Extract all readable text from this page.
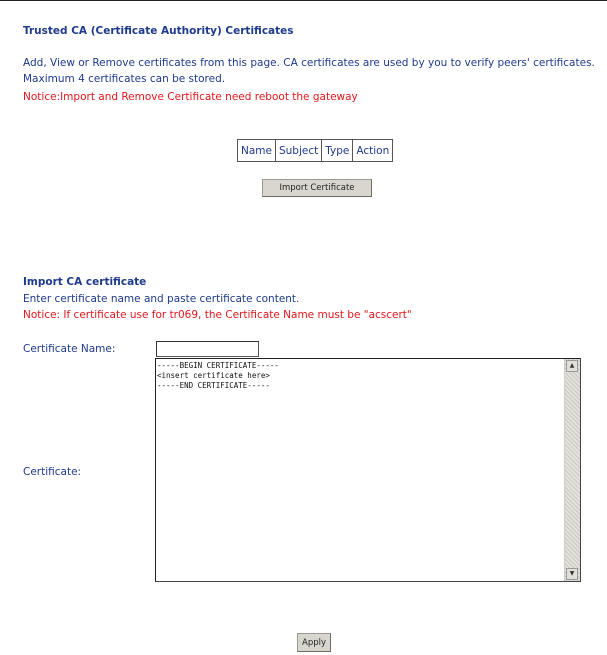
Trusted CA (Certificate Authority) Certificates
Add, View or Remove certificates from this page. CA certificates are used by you to verify peers' certificates.
Maximum 4 certificates can be stored.
Notice:Import and Remove Certificate need reboot the gateway
Name	Subject	Type	Action
Import Certificate
Import CA certificate
Enter certificate name and paste certificate content.
Notice: If certificate use for tr069, the Certificate Name must be "acscert"
Certificate Name:
Certificate:
-----BEGIN CERTIFICATE-----
<insert certificate here>
-----END CERTIFICATE-----
▲
▼
Apply
